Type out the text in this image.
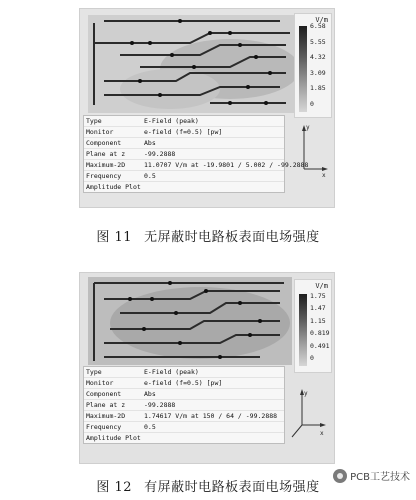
V/m
6.58
5.55
4.32
3.09
1.85
0
Type	E-Field (peak)
Monitor	e-field (f=0.5) [pw]
Component	Abs
Plane at z	-99.2888
Maximum-2D	11.0707 V/m at -19.9801 / 5.002 / -99.2888
Frequency	0.5
Amplitude Plot
y
x
图 11 无屏蔽时电路板表面电场强度
V/m
1.75
1.47
1.15
0.819
0.491
0
Type	E-Field (peak)
Monitor	e-field (f=0.5) [pw]
Component	Abs
Plane at z	-99.2888
Maximum-2D	1.74617 V/m at 150 / 64 / -99.2888
Frequency	0.5
Amplitude Plot
y
x
图 12 有屏蔽时电路板表面电场强度
PCB工艺技术
